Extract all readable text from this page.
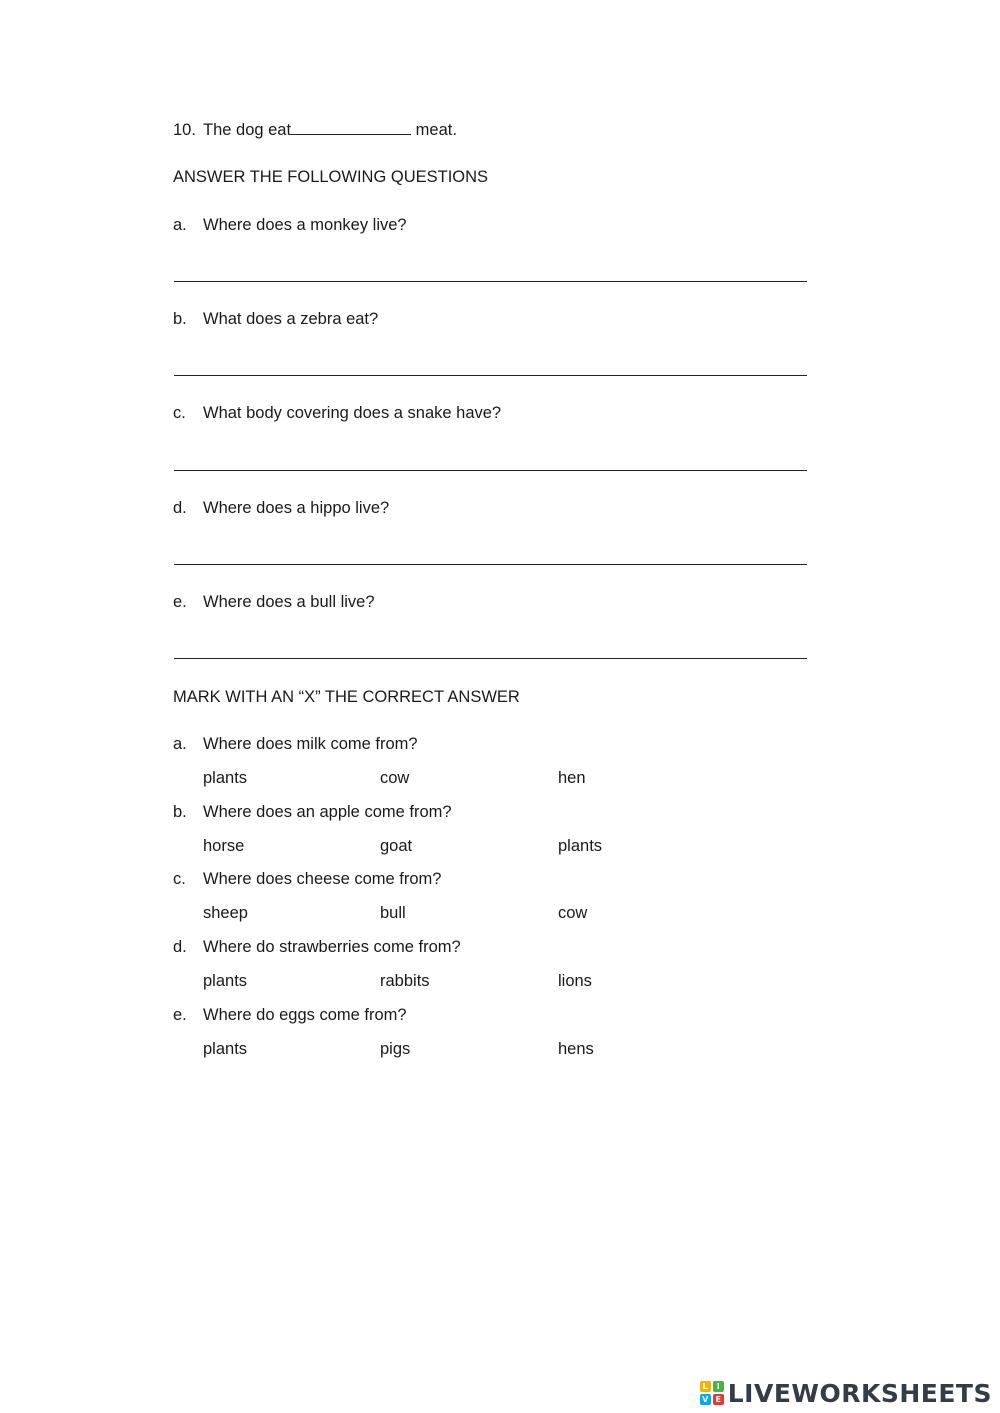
10. The dog eat	meat.
ANSWER THE FOLLOWING QUESTIONS
a. Where does a monkey live?
b. What does a zebra eat?
c. What body covering does a snake have?
d. Where does a hippo live?
e. Where does a bull live?
MARK WITH AN “X” THE CORRECT ANSWER
a. Where does milk come from?
plants	cow	hen
b. Where does an apple come from?
horse	goat	plants
c. Where does cheese come from?
sheep	bull	cow
d. Where do strawberries come from?
plants	rabbits	lions
e. Where do eggs come from?
plants	pigs	hens
L	I
V E LIVEWORKSHEETS
